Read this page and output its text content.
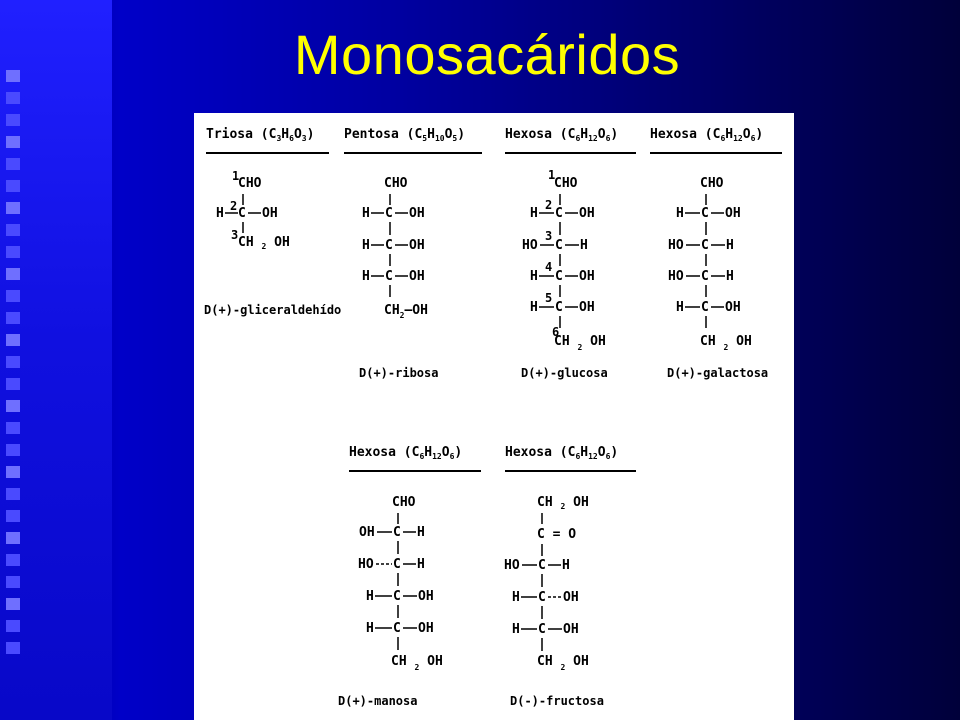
Monosacáridos
Triosa $(C_3H_6O_3)$
1
2
3
CHO
H C OH
CH $_2$ OH
D(+)-gliceraldehído
Pentosa $(C_5H_{10}O_5)$
CHO
H C OH
H C OH
H C OH
$CH_2—OH$
D(+)-ribosa
Hexosa $(C_6H_{12}O_6)$
1
2
3
4
5
6
CHO
H C OH
HO C H
H C OH
H C OH
CH $_2$ OH
D(+)-glucosa
Hexosa $(C_6H_{12}O_6)$
CHO
H C OH
HO C H
HO C H
H C OH
CH $_2$ OH
D(+)-galactosa
Hexosa $(C_6H_{12}O_6)$
CHO
OH C H
HO C H
H C OH
H C OH
CH $_2$ OH
D(+)-manosa
Hexosa $(C_6H_{12}O_6)$
CH $_2$ OH
C = O
HO C H
H C OH
H C OH
CH $_2$ OH
D(-)-fructosa
